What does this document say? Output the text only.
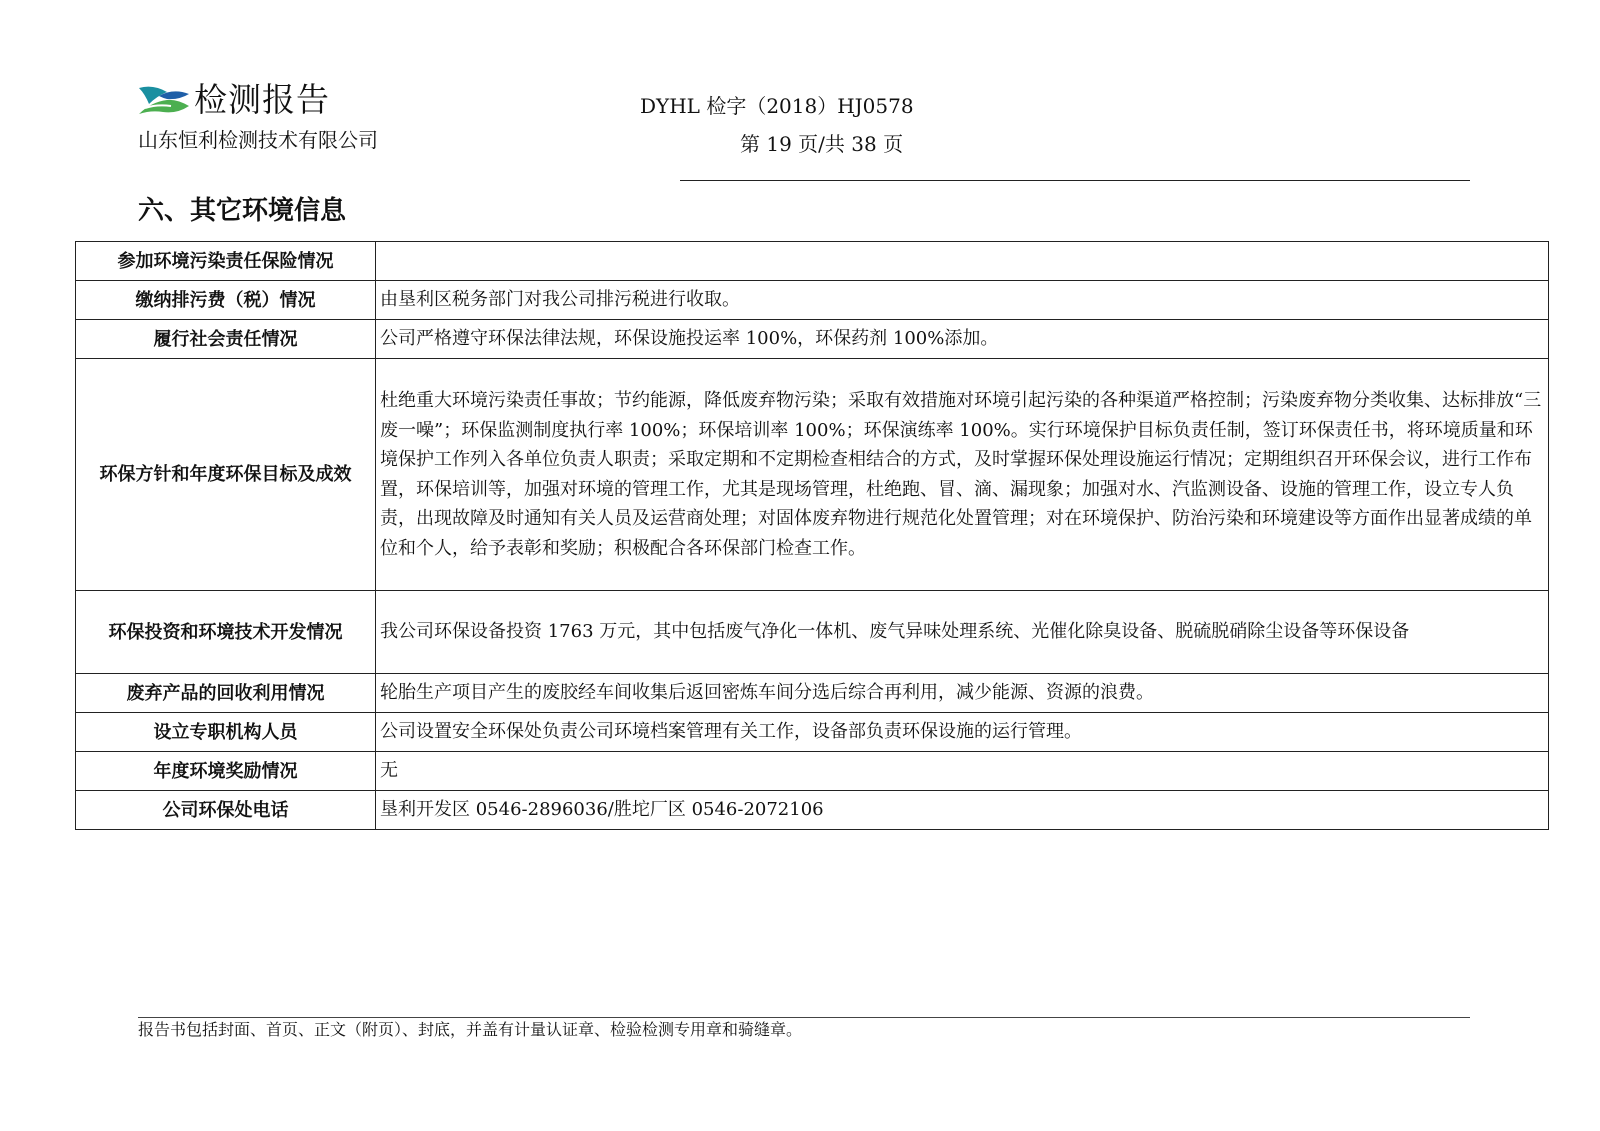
检测报告
山东恒利检测技术有限公司
DYHL 检字（2018）HJ0578
第 19 页/共 38 页
六、其它环境信息
参加环境污染责任保险情况	
缴纳排污费（税）情况	由垦利区税务部门对我公司排污税进行收取。
履行社会责任情况	公司严格遵守环保法律法规，环保设施投运率 100%，环保药剂 100%添加。
环保方针和年度环保目标及成效	杜绝重大环境污染责任事故；节约能源，降低废弃物污染；采取有效措施对环境引起污染的各种渠道严格控制；污染废弃物分类收集、达标排放“三废一噪”；环保监测制度执行率 100%；环保培训率 100%；环保演练率 100%。实行环境保护目标负责任制，签订环保责任书，将环境质量和环境保护工作列入各单位负责人职责；采取定期和不定期检查相结合的方式，及时掌握环保处理设施运行情况；定期组织召开环保会议，进行工作布置，环保培训等，加强对环境的管理工作，尤其是现场管理，杜绝跑、冒、滴、漏现象；加强对水、汽监测设备、设施的管理工作，设立专人负责，出现故障及时通知有关人员及运营商处理；对固体废弃物进行规范化处置管理；对在环境保护、防治污染和环境建设等方面作出显著成绩的单位和个人，给予表彰和奖励；积极配合各环保部门检查工作。
环保投资和环境技术开发情况	我公司环保设备投资 1763 万元，其中包括废气净化一体机、废气异味处理系统、光催化除臭设备、脱硫脱硝除尘设备等环保设备
废弃产品的回收利用情况	轮胎生产项目产生的废胶经车间收集后返回密炼车间分选后综合再利用，减少能源、资源的浪费。
设立专职机构人员	公司设置安全环保处负责公司环境档案管理有关工作，设备部负责环保设施的运行管理。
年度环境奖励情况	无
公司环保处电话	垦利开发区 0546-2896036/胜坨厂区 0546-2072106
报告书包括封面、首页、正文（附页）、封底，并盖有计量认证章、检验检测专用章和骑缝章。
